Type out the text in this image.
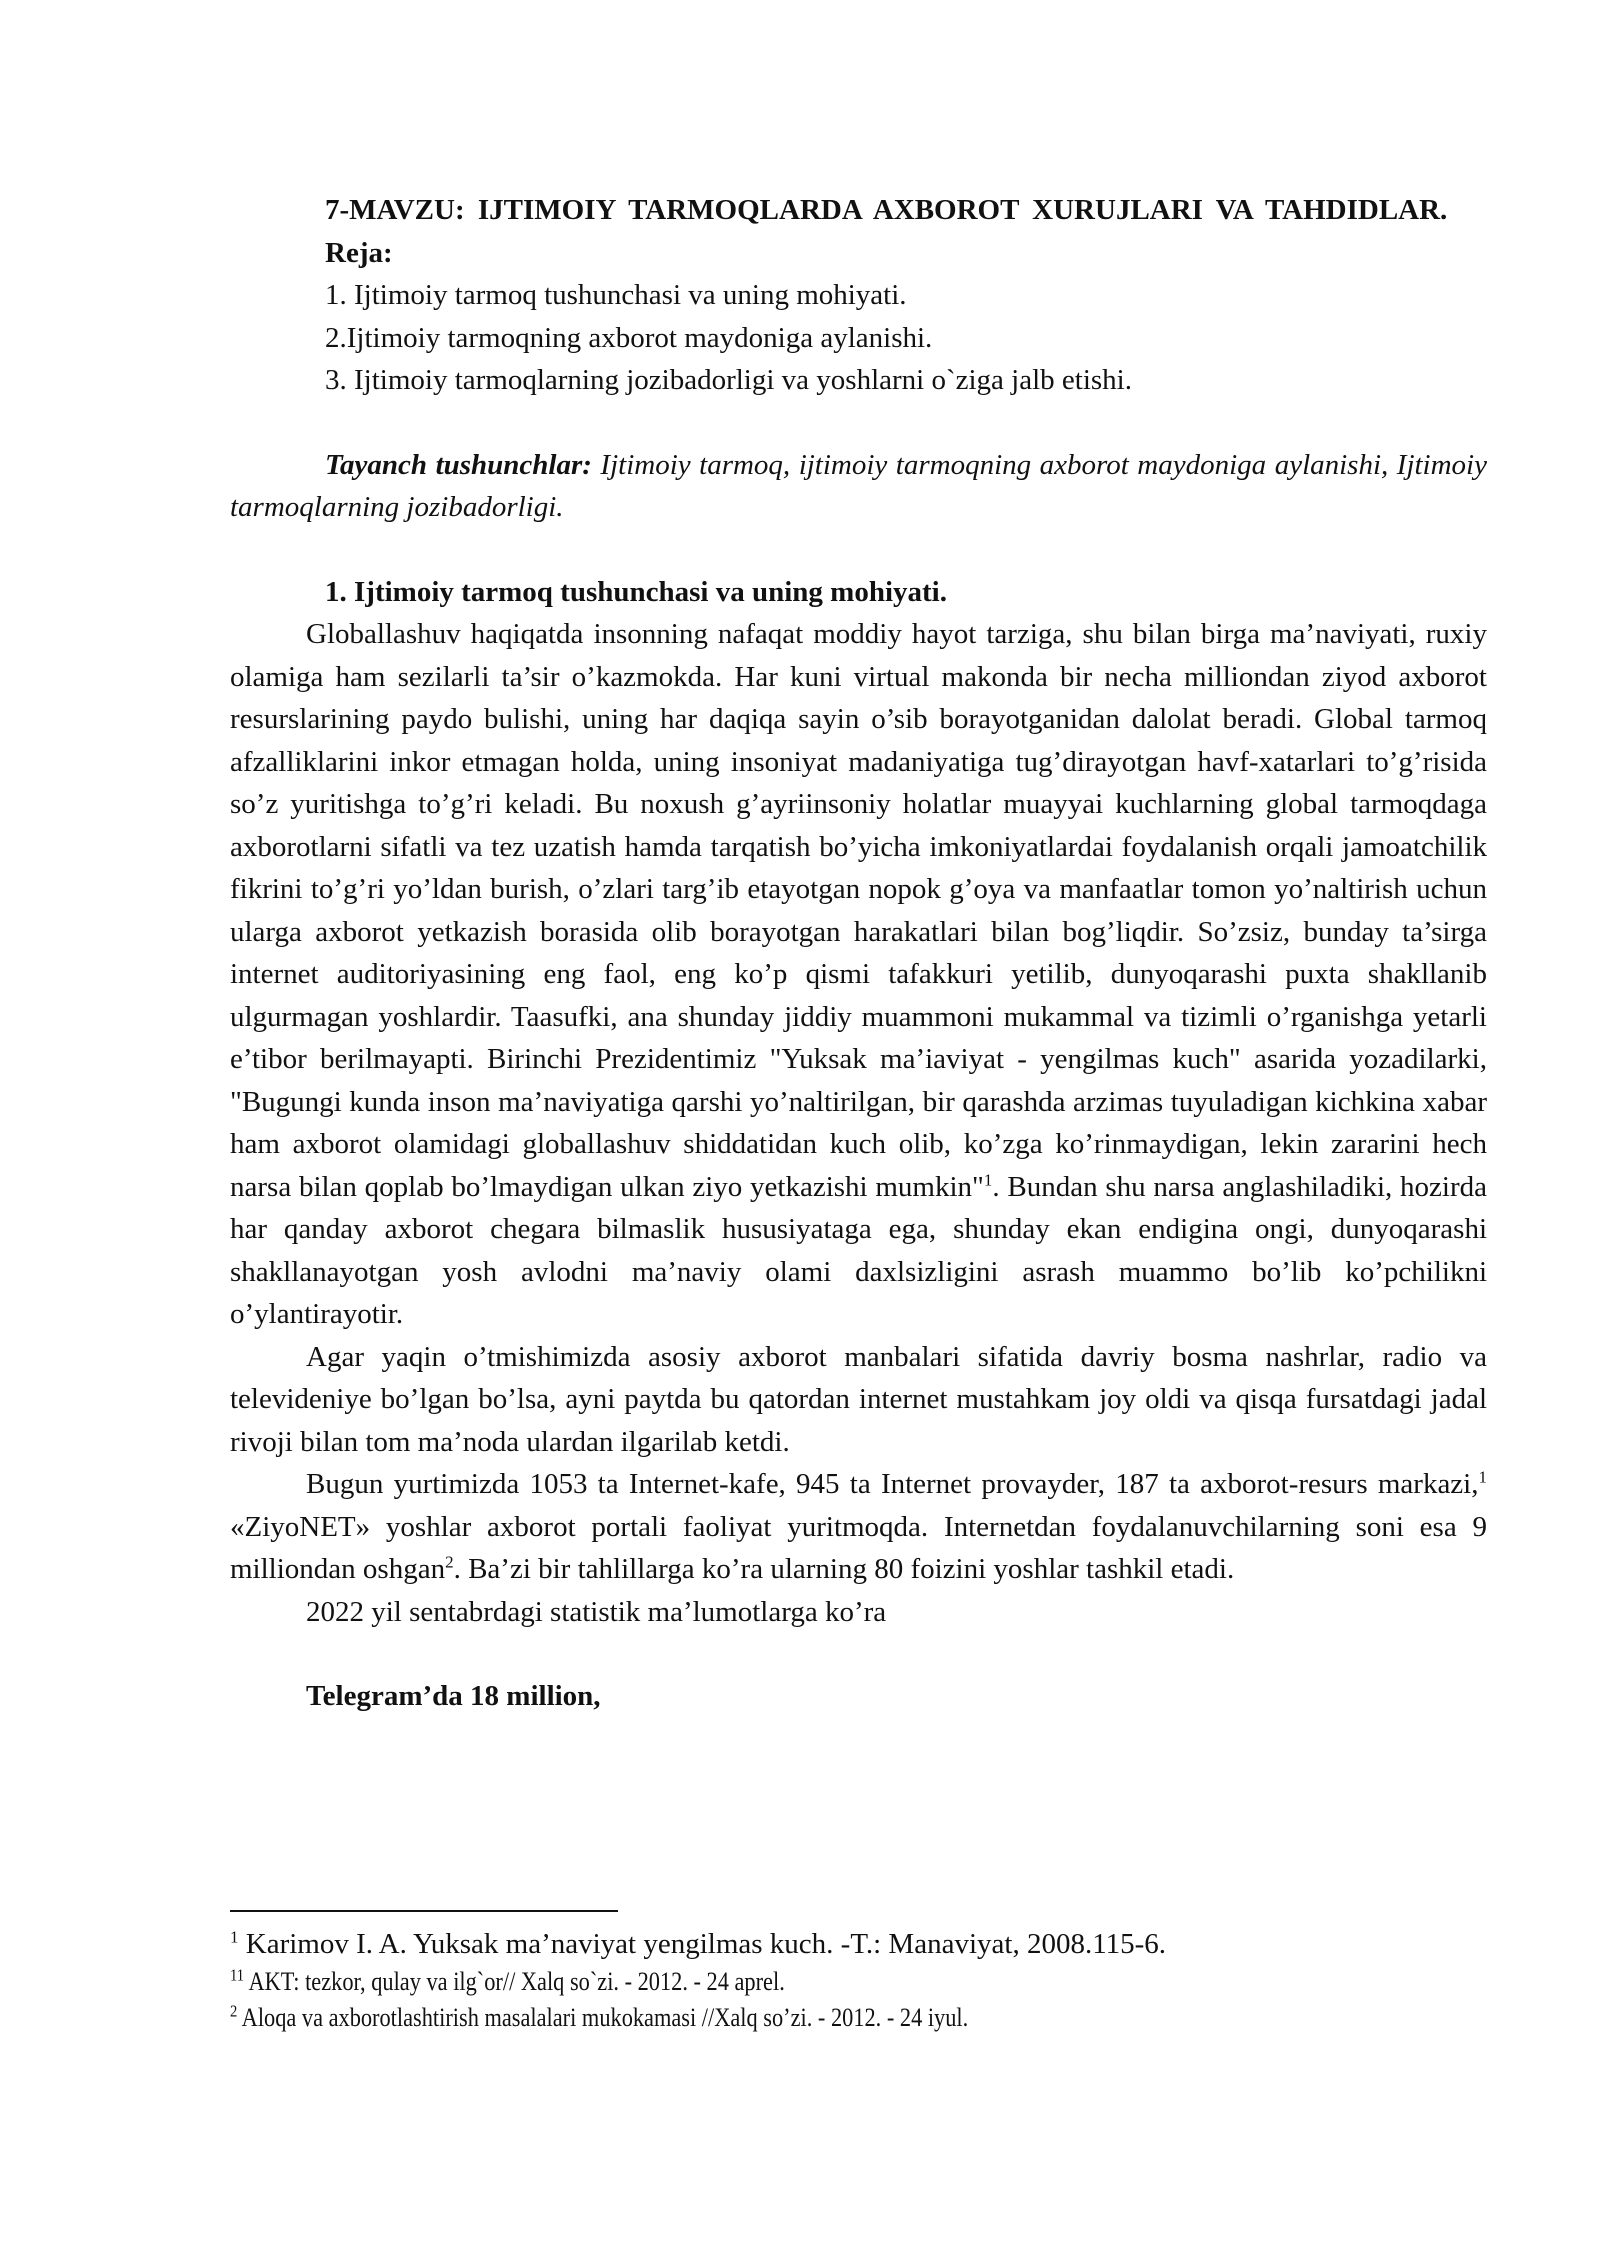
7-MAVZU: IJTIMOIY TARMOQLARDA AXBOROT XURUJLARI VA TAHDIDLAR.

Reja:

1. Ijtimoiy tarmoq tushunchasi va uning mohiyati.

2.Ijtimoiy tarmoqning axborot maydoniga aylanishi.

3. Ijtimoiy tarmoqlarning jozibadorligi va yoshlarni o`ziga jalb etishi.

Tayanch tushunchlar: Ijtimoiy tarmoq, ijtimoiy tarmoqning axborot maydoniga aylanishi, Ijtimoiy tarmoqlarning jozibadorligi.

1. Ijtimoiy tarmoq tushunchasi va uning mohiyati.

Globallashuv haqiqatda insonning nafaqat moddiy hayot tarziga, shu bilan birga ma’naviyati, ruxiy olamiga ham sezilarli ta’sir o’kazmokda. Har kuni virtual makonda bir necha milliondan ziyod axborot resurslarining paydo bulishi, uning har daqiqa sayin o’sib borayotganidan dalolat beradi. Global tarmoq afzalliklarini inkor etmagan holda, uning insoniyat madaniyatiga tug’dirayotgan havf-xatarlari to’g’risida so’z yuritishga to’g’ri keladi. Bu noxush g’ayriinsoniy holatlar muayyai kuchlarning global tarmoqdaga axborotlarni sifatli va tez uzatish hamda tarqatish bo’yicha imkoniyatlardai foydalanish orqali jamoatchilik fikrini to’g’ri yo’ldan burish, o’zlari targ’ib etayotgan nopok g’oya va manfaatlar tomon yo’naltirish uchun ularga axborot yetkazish borasida olib borayotgan harakatlari bilan bog’liqdir. So’zsiz, bunday ta’sirga internet auditoriyasining eng faol, eng ko’p qismi tafakkuri yetilib, dunyoqarashi puxta shakllanib ulgurmagan yoshlardir. Taasufki, ana shunday jiddiy muammoni mukammal va tizimli o’rganishga yetarli e’tibor berilmayapti. Birinchi Prezidentimiz "Yuksak ma’iaviyat - yengilmas kuch" asarida yozadilarki, "Bugungi kunda inson ma’naviyatiga qarshi yo’naltirilgan, bir qarashda arzimas tuyuladigan kichkina xabar ham axborot olamidagi globallashuv shiddatidan kuch olib, ko’zga ko’rinmaydigan, lekin zararini hech narsa bilan qoplab bo’lmaydigan ulkan ziyo yetkazishi mumkin"$^1$. Bundan shu narsa anglashiladiki, hozirda har qanday axborot chegara bilmaslik hususiyataga ega, shunday ekan endigina ongi, dunyoqarashi shakllanayotgan yosh avlodni ma’naviy olami daxlsizligini asrash muammo bo’lib ko’pchilikni o’ylantirayotir.

Agar yaqin o’tmishimizda asosiy axborot manbalari sifatida davriy bosma nashrlar, radio va televideniye bo’lgan bo’lsa, ayni paytda bu qatordan internet mustahkam joy oldi va qisqa fursatdagi jadal rivoji bilan tom ma’noda ulardan ilgarilab ketdi.

Bugun yurtimizda 1053 ta Internet-kafe, 945 ta Internet provayder, 187 ta axborot-resurs markazi,$^1$ «ZiyoNET» yoshlar axborot portali faoliyat yuritmoqda. Internetdan foydalanuvchilarning soni esa 9 milliondan oshgan$^2$. Ba’zi bir tahlillarga ko’ra ularning 80 foizini yoshlar tashkil etadi.

2022 yil sentabrdagi statistik ma’lumotlarga ko’ra

Telegram’da 18 million,

$^1$ Karimov I. A. Yuksak ma’naviyat yengilmas kuch. -T.: Manaviyat, 2008.115-6.

$^{11}$ AKT: tezkor, qulay va ilg`or// Xalq so`zi. - 2012. - 24 aprel.

$^2$ Aloqa va axborotlashtirish masalalari mukokamasi //Xalq so’zi. - 2012. - 24 iyul.
